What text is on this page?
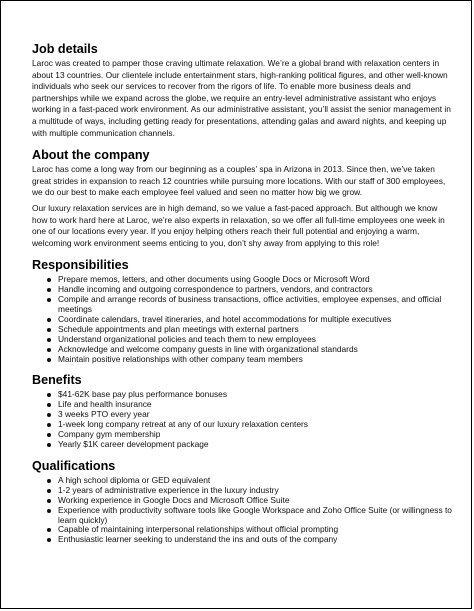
Job details

Laroc was created to pamper those craving ultimate relaxation. We’re a global brand with relaxation centers in about 13 countries. Our clientele include entertainment stars, high-ranking political figures, and other well-known individuals who seek our services to recover from the rigors of life. To enable more business deals and partnerships while we expand across the globe, we require an entry-level administrative assistant who enjoys working in a fast-paced work environment. As our administrative assistant, you’ll assist the senior management in a multitude of ways, including getting ready for presentations, attending galas and award nights, and keeping up with multiple communication channels.

About the company

Laroc has come a long way from our beginning as a couples’ spa in Arizona in 2013. Since then, we’ve taken great strides in expansion to reach 12 countries while pursuing more locations. With our staff of 300 employees, we do our best to make each employee feel valued and seen no matter how big we grow.

Our luxury relaxation services are in high demand, so we value a fast-paced approach. But although we know how to work hard here at Laroc, we’re also experts in relaxation, so we offer all full-time employees one week in one of our locations every year. If you enjoy helping others reach their full potential and enjoying a warm, welcoming work environment seems enticing to you, don’t shy away from applying to this role!

Responsibilities
Prepare memos, letters, and other documents using Google Docs or Microsoft Word
Handle incoming and outgoing correspondence to partners, vendors, and contractors
Compile and arrange records of business transactions, office activities, employee expenses, and official meetings
Coordinate calendars, travel itineraries, and hotel accommodations for multiple executives
Schedule appointments and plan meetings with external partners
Understand organizational policies and teach them to new employees
Acknowledge and welcome company guests in line with organizational standards
Maintain positive relationships with other company team members
Benefits
$41-62K base pay plus performance bonuses
Life and health insurance
3 weeks PTO every year
1-week long company retreat at any of our luxury relaxation centers
Company gym membership
Yearly $1K career development package
Qualifications
A high school diploma or GED equivalent
1-2 years of administrative experience in the luxury industry
Working experience in Google Docs and Microsoft Office Suite
Experience with productivity software tools like Google Workspace and Zoho Office Suite (or willingness to learn quickly)
Capable of maintaining interpersonal relationships without official prompting
Enthusiastic learner seeking to understand the ins and outs of the company
